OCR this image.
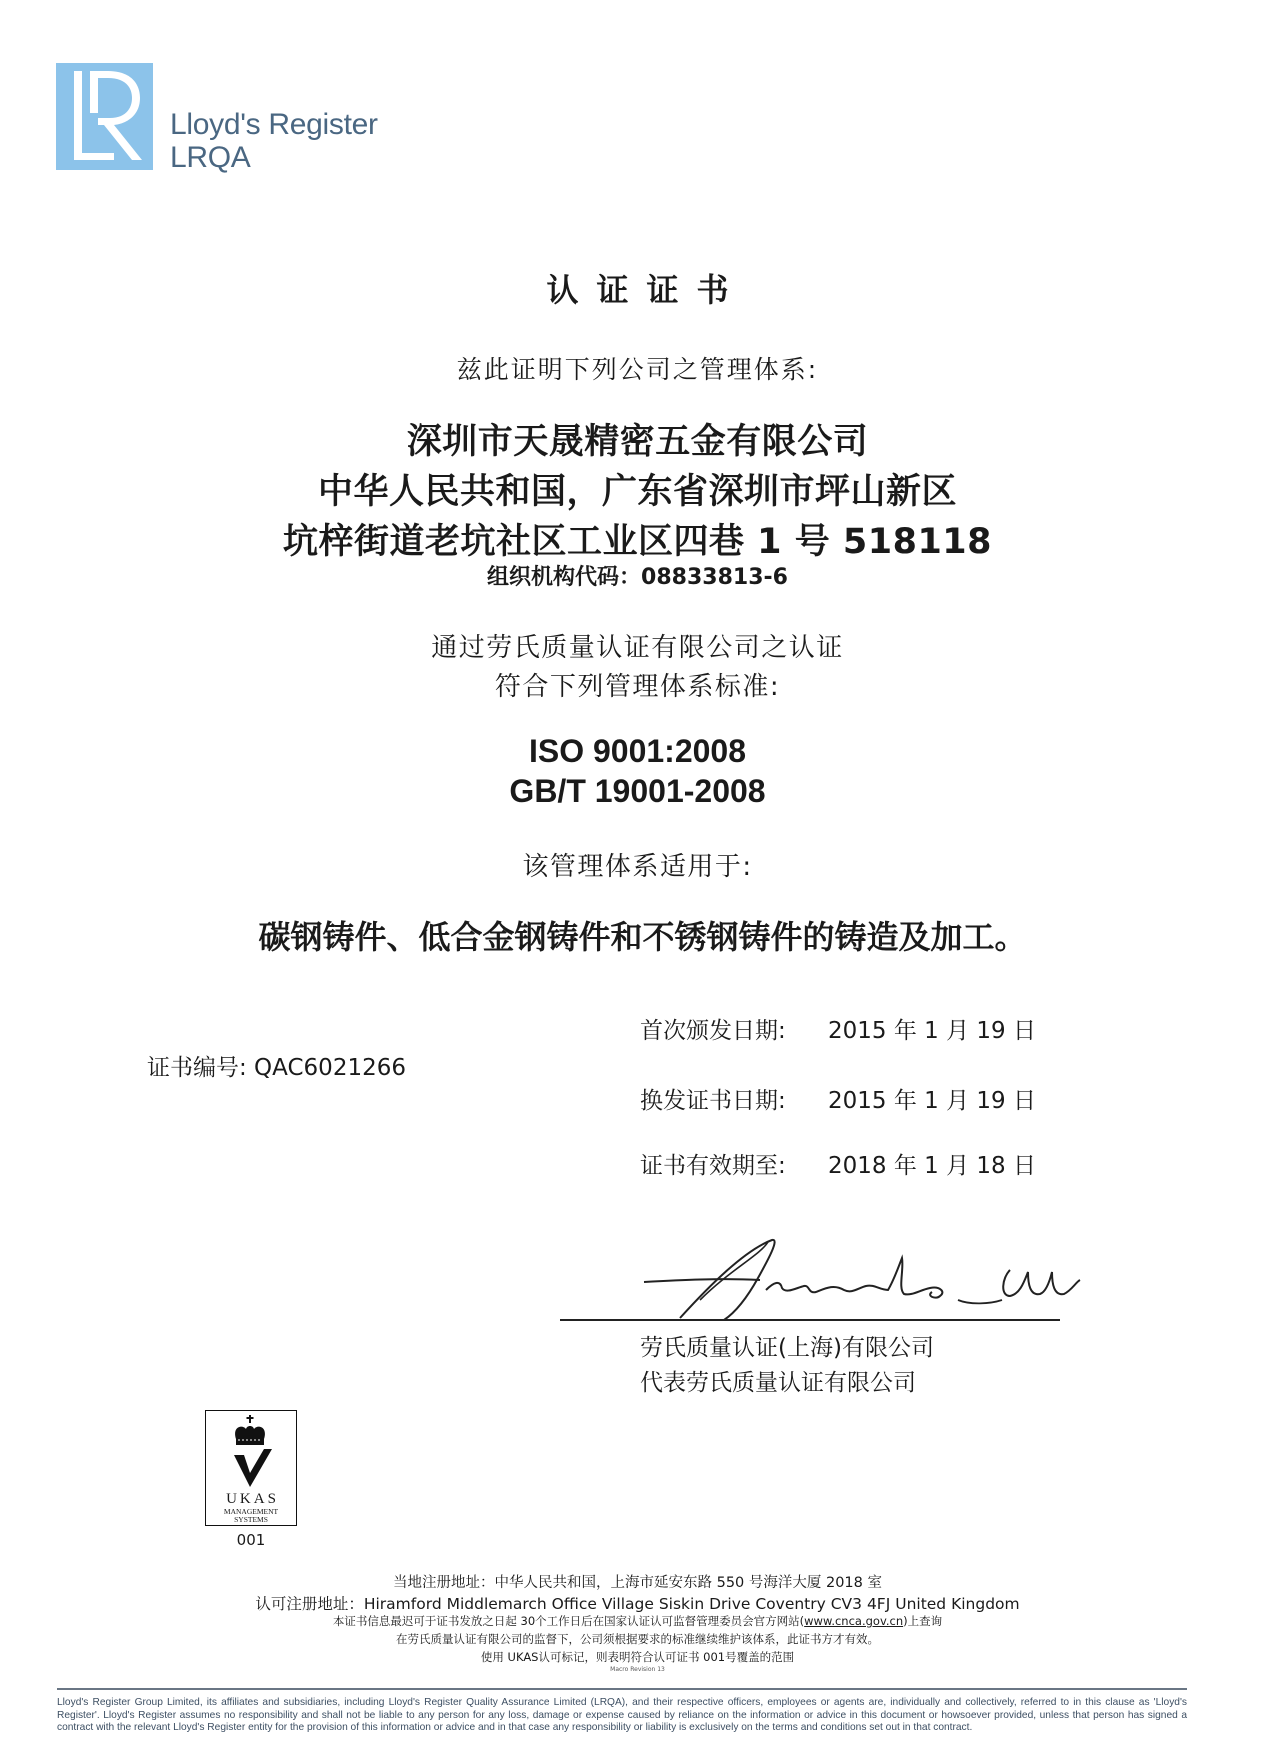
Lloyd's Register
LRQA
认证证书
兹此证明下列公司之管理体系:
深圳市天晟精密五金有限公司
中华人民共和国，广东省深圳市坪山新区
坑梓街道老坑社区工业区四巷 1 号 518118
组织机构代码：08833813-6
通过劳氏质量认证有限公司之认证
符合下列管理体系标准:
ISO 9001:2008
GB/T 19001-2008
该管理体系适用于:
碳钢铸件、低合金钢铸件和不锈钢铸件的铸造及加工。
首次颁发日期: 2015 年 1 月 19 日
证书编号: QAC6021266
换发证书日期: 2015 年 1 月 19 日
证书有效期至: 2018 年 1 月 18 日
劳氏质量认证(上海)有限公司
代表劳氏质量认证有限公司
UKAS
MANAGEMENT
SYSTEMS
001
当地注册地址：中华人民共和国，上海市延安东路 550 号海洋大厦 2018 室
认可注册地址：Hiramford Middlemarch Office Village Siskin Drive Coventry CV3 4FJ United Kingdom
本证书信息最迟可于证书发放之日起 30个工作日后在国家认证认可监督管理委员会官方网站(www.cnca.gov.cn)上查询
在劳氏质量认证有限公司的监督下，公司须根据要求的标准继续维护该体系，此证书方才有效。
使用 UKAS认可标记，则表明符合认可证书 001号覆盖的范围
Macro Revision 13
Lloyd's Register Group Limited, its affiliates and subsidiaries, including Lloyd's Register Quality Assurance Limited (LRQA), and their respective officers, employees or agents are, individually and collectively, referred to in this clause as 'Lloyd's Register'. Lloyd's Register assumes no responsibility and shall not be liable to any person for any loss, damage or expense caused by reliance on the information or advice in this document or howsoever provided, unless that person has signed a contract with the relevant Lloyd's Register entity for the provision of this information or advice and in that case any responsibility or liability is exclusively on the terms and conditions set out in that contract.
